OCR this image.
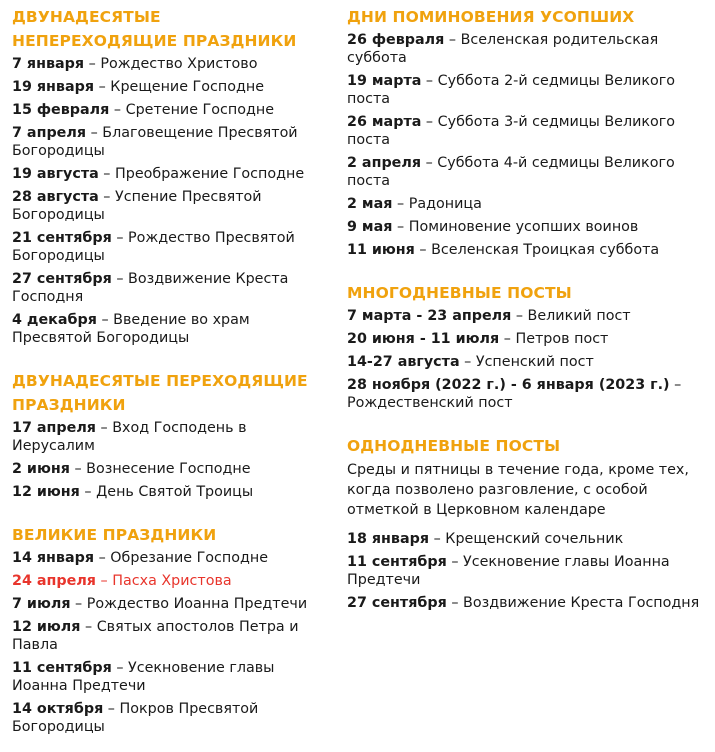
ДВУНАДЕСЯТЫЕ НЕПЕРЕХОДЯЩИЕ ПРАЗДНИКИ
7 января – Рождество Христово
19 января – Крещение Господне
15 февраля – Сретение Господне
7 апреля – Благовещение Пресвятой Богородицы
19 августа – Преображение Господне
28 августа – Успение Пресвятой Богородицы
21 сентября – Рождество Пресвятой Богородицы
27 сентября – Воздвижение Креста Господня
4 декабря – Введение во храм Пресвятой Богородицы
ДВУНАДЕСЯТЫЕ ПЕРЕХОДЯЩИЕ ПРАЗДНИКИ
17 апреля – Вход Господень в Иерусалим
2 июня – Вознесение Господне
12 июня – День Святой Троицы
ВЕЛИКИЕ ПРАЗДНИКИ
14 января – Обрезание Господне
24 апреля – Пасха Христова
7 июля – Рождество Иоанна Предтечи
12 июля – Святых апостолов Петра и Павла
11 сентября – Усекновение главы Иоанна Предтечи
14 октября – Покров Пресвятой Богородицы
ДНИ ПОМИНОВЕНИЯ УСОПШИХ
26 февраля – Вселенская родительская суббота
19 марта – Суббота 2-й седмицы Великого поста
26 марта – Суббота 3-й седмицы Великого поста
2 апреля – Суббота 4-й седмицы Великого поста
2 мая – Радоница
9 мая – Поминовение усопших воинов
11 июня – Вселенская Троицкая суббота
МНОГОДНЕВНЫЕ ПОСТЫ
7 марта - 23 апреля – Великий пост
20 июня - 11 июля – Петров пост
14-27 августа – Успенский пост
28 ноября (2022 г.) - 6 января (2023 г.) – Рождественский пост
ОДНОДНЕВНЫЕ ПОСТЫ
Среды и пятницы в течение года, кроме тех, когда позволено разговление, с особой отметкой в Церковном календаре
18 января – Крещенский сочельник
11 сентября – Усекновение главы Иоанна Предтечи
27 сентября – Воздвижение Креста Господня
